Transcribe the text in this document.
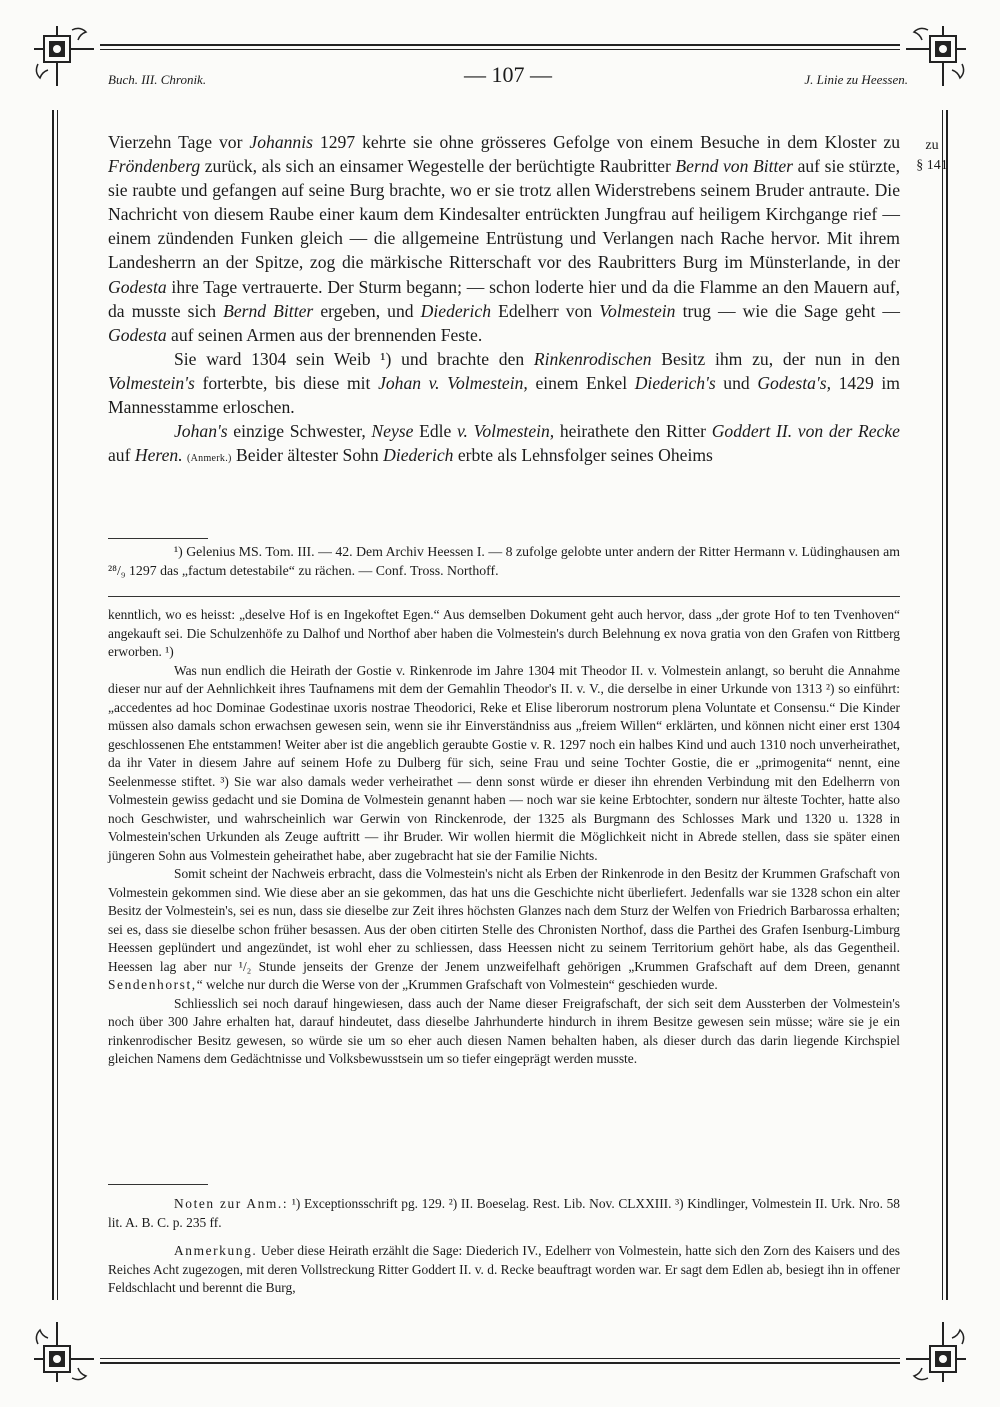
Buch. III. Chronik.	— 107 —	J. Linie zu Heessen.
zu
§ 141

Vierzehn Tage vor Johannis 1297 kehrte sie ohne grösseres Gefolge von einem Besuche in dem Kloster zu Fröndenberg zurück, als sich an einsamer Wegestelle der berüchtigte Raubritter Bernd von Bitter auf sie stürzte, sie raubte und gefangen auf seine Burg brachte, wo er sie trotz allen Widerstrebens seinem Bruder antraute. Die Nachricht von diesem Raube einer kaum dem Kindesalter entrückten Jungfrau auf heiligem Kirchgange rief — einem zündenden Funken gleich — die allgemeine Entrüstung und Verlangen nach Rache hervor. Mit ihrem Landesherrn an der Spitze, zog die märkische Ritterschaft vor des Raubritters Burg im Münsterlande, in der Godesta ihre Tage vertrauerte. Der Sturm begann; — schon loderte hier und da die Flamme an den Mauern auf, da musste sich Bernd Bitter ergeben, und Diederich Edelherr von Volmestein trug — wie die Sage geht — Godesta auf seinen Armen aus der brennenden Feste.

Sie ward 1304 sein Weib ¹) und brachte den Rinkenrodischen Besitz ihm zu, der nun in den Volmestein's forterbte, bis diese mit Johan v. Volmestein, einem Enkel Diederich's und Godesta's, 1429 im Mannesstamme erloschen.

Johan's einzige Schwester, Neyse Edle v. Volmestein, heirathete den Ritter Goddert II. von der Recke auf Heren. (Anmerk.) Beider ältester Sohn Diederich erbte als Lehnsfolger seines Oheims

¹) Gelenius MS. Tom. III. — 42. Dem Archiv Heessen I. — 8 zufolge gelobte unter andern der Ritter Hermann v. Lüdinghausen am ²⁸/₉ 1297 das „factum detestabile“ zu rächen. — Conf. Tross. Northoff.

kenntlich, wo es heisst: „deselve Hof is en Ingekoftet Egen.“ Aus demselben Dokument geht auch hervor, dass „der grote Hof to ten Tvenhoven“ angekauft sei. Die Schulzenhöfe zu Dalhof und Northof aber haben die Volmestein's durch Belehnung ex nova gratia von den Grafen von Rittberg erworben. ¹)

Was nun endlich die Heirath der Gostie v. Rinkenrode im Jahre 1304 mit Theodor II. v. Volmestein anlangt, so beruht die Annahme dieser nur auf der Aehnlichkeit ihres Taufnamens mit dem der Gemahlin Theodor's II. v. V., die derselbe in einer Urkunde von 1313 ²) so einführt: „accedentes ad hoc Dominae Godestinae uxoris nostrae Theodorici, Reke et Elise liberorum nostrorum plena Voluntate et Consensu.“ Die Kinder müssen also damals schon erwachsen gewesen sein, wenn sie ihr Einverständniss aus „freiem Willen“ erklärten, und können nicht einer erst 1304 geschlossenen Ehe entstammen! Weiter aber ist die angeblich geraubte Gostie v. R. 1297 noch ein halbes Kind und auch 1310 noch unverheirathet, da ihr Vater in diesem Jahre auf seinem Hofe zu Dulberg für sich, seine Frau und seine Tochter Gostie, die er „primogenita“ nennt, eine Seelenmesse stiftet. ³) Sie war also damals weder verheirathet — denn sonst würde er dieser ihn ehrenden Verbindung mit den Edelherrn von Volmestein gewiss gedacht und sie Domina de Volmestein genannt haben — noch war sie keine Erbtochter, sondern nur älteste Tochter, hatte also noch Geschwister, und wahrscheinlich war Gerwin von Rinckenrode, der 1325 als Burgmann des Schlosses Mark und 1320 u. 1328 in Volmestein'schen Urkunden als Zeuge auftritt — ihr Bruder. Wir wollen hiermit die Möglichkeit nicht in Abrede stellen, dass sie später einen jüngeren Sohn aus Volmestein geheirathet habe, aber zugebracht hat sie der Familie Nichts.

Somit scheint der Nachweis erbracht, dass die Volmestein's nicht als Erben der Rinkenrode in den Besitz der Krummen Grafschaft von Volmestein gekommen sind. Wie diese aber an sie gekommen, das hat uns die Geschichte nicht überliefert. Jedenfalls war sie 1328 schon ein alter Besitz der Volmestein's, sei es nun, dass sie dieselbe zur Zeit ihres höchsten Glanzes nach dem Sturz der Welfen von Friedrich Barbarossa erhalten; sei es, dass sie dieselbe schon früher besassen. Aus der oben citirten Stelle des Chronisten Northof, dass die Parthei des Grafen Isenburg-Limburg Heessen geplündert und angezündet, ist wohl eher zu schliessen, dass Heessen nicht zu seinem Territorium gehört habe, als das Gegentheil. Heessen lag aber nur ¹/₂ Stunde jenseits der Grenze der Jenem unzweifelhaft gehörigen „Krummen Grafschaft auf dem Dreen, genannt Sendenhorst,“ welche nur durch die Werse von der „Krummen Grafschaft von Volmestein“ geschieden wurde.

Schliesslich sei noch darauf hingewiesen, dass auch der Name dieser Freigrafschaft, der sich seit dem Aussterben der Volmestein's noch über 300 Jahre erhalten hat, darauf hindeutet, dass dieselbe Jahrhunderte hindurch in ihrem Besitze gewesen sein müsse; wäre sie je ein rinkenrodischer Besitz gewesen, so würde sie um so eher auch diesen Namen behalten haben, als dieser durch das darin liegende Kirchspiel gleichen Namens dem Gedächtnisse und Volksbewusstsein um so tiefer eingeprägt werden musste.

Noten zur Anm.: ¹) Exceptionsschrift pg. 129. ²) II. Boeselag. Rest. Lib. Nov. CLXXIII. ³) Kindlinger, Volmestein II. Urk. Nro. 58 lit. A. B. C. p. 235 ff.

Anmerkung. Ueber diese Heirath erzählt die Sage: Diederich IV., Edelherr von Volmestein, hatte sich den Zorn des Kaisers und des Reiches Acht zugezogen, mit deren Vollstreckung Ritter Goddert II. v. d. Recke beauftragt worden war. Er sagt dem Edlen ab, besiegt ihn in offener Feldschlacht und berennt die Burg,
